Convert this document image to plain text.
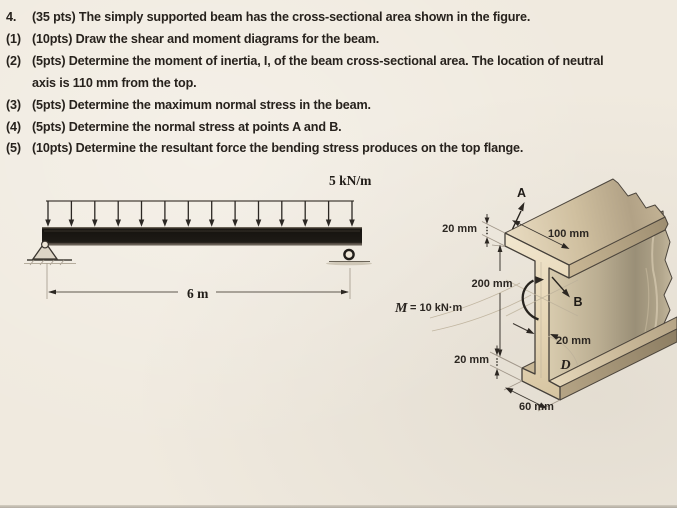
5 kN/m
6 m
M = 10 kN·m
A
B
D
20 mm	100 mm
200 mm
20 mm
20 mm
60 mm
4.	(35 pts) The simply supported beam has the cross-sectional area shown in the figure.
(1) (10pts) Draw the shear and moment diagrams for the beam.
(2) (5pts) Determine the moment of inertia, I, of the beam cross-sectional area. The location of neutral
axis is 110 mm from the top.
(3) (5pts) Determine the maximum normal stress in the beam.
(4) (5pts) Determine the normal stress at points A and B.
(5) (10pts) Determine the resultant force the bending stress produces on the top flange.
